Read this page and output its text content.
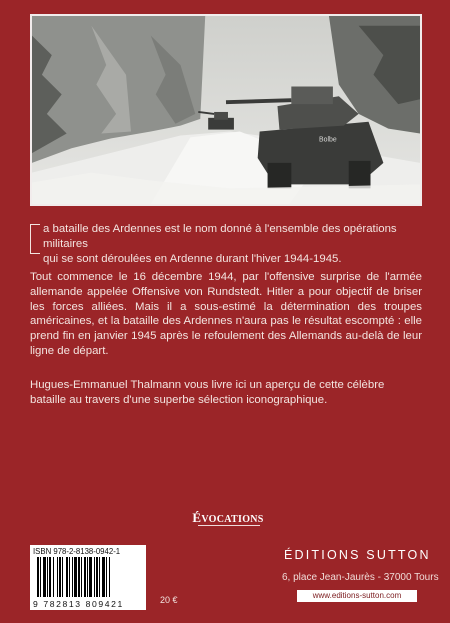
Bolbe
a bataille des Ardennes est le nom donné à l'ensemble des opérations militaires
qui se sont déroulées en Ardenne durant l'hiver 1944-1945.

Tout commence le 16 décembre 1944, par l'offensive surprise de l'armée allemande appelée Offensive von Rundstedt. Hitler a pour objectif de briser les forces alliées. Mais il a sous-estimé la détermination des troupes américaines, et la bataille des Ardennes n'aura pas le résultat escompté : elle prend fin en janvier 1945 après le refoulement des Allemands au-delà de leur ligne de départ.

Hugues-Emmanuel Thalmann vous livre ici un aperçu de cette célèbre bataille au travers d'une superbe sélection iconographique.

ÉVOCATIONS
ISBN 978-2-8138-0942-1
9 782813 809421	20 €
ÉDITIONS SUTTON
6, place Jean-Jaurès - 37000 Tours
www.editions-sutton.com
